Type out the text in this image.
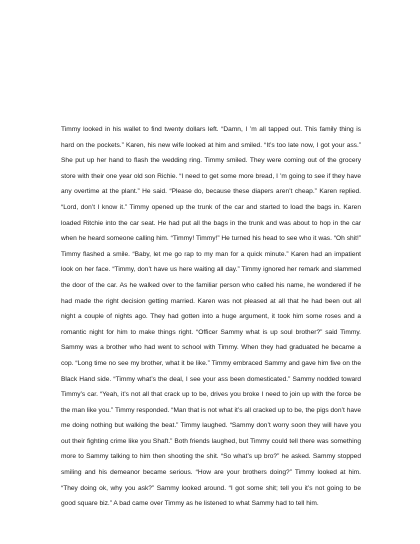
Timmy looked in his wallet to find twenty dollars left. “Damn, I ’m all tapped out. This family thing is hard on the pockets.” Karen, his new wife looked at him and smiled. “It’s too late now, I got your ass.” She put up her hand to flash the wedding ring. Timmy smiled. They were coming out of the grocery store with their one year old son Richie. “I need to get some more bread, I ’m going to see if they have any overtime at the plant.” He said. “Please do, because these diapers aren’t cheap.” Karen replied. “Lord, don’t I know it.” Timmy opened up the trunk of the car and started to load the bags in. Karen loaded Ritchie into the car seat. He had put all the bags in the trunk and was about to hop in the car when he heard someone calling him. “Timmy! Timmy!” He turned his head to see who it was. “Oh shit!” Timmy flashed a smile. “Baby, let me go rap to my man for a quick minute.” Karen had an impatient look on her face. “Timmy, don’t have us here waiting all day.” Timmy ignored her remark and slammed the door of the car. As he walked over to the familiar person who called his name, he wondered if he had made the right decision getting married. Karen was not pleased at all that he had been out all night a couple of nights ago. They had gotten into a huge argument, it took him some roses and a romantic night for him to make things right. “Officer Sammy what is up soul brother?” said Timmy. Sammy was a brother who had went to school with Timmy. When they had graduated he became a cop. “Long time no see my brother, what it be like.” Timmy embraced Sammy and gave him five on the Black Hand side. “Timmy what’s the deal, I see your ass been domesticated.” Sammy nodded toward Timmy’s car. “Yeah, it’s not all that crack up to be, drives you broke I need to join up with the force be the man like you.” Timmy responded. “Man that is not what it’s all cracked up to be, the pigs don’t have me doing nothing but walking the beat.” Timmy laughed. “Sammy don’t worry soon they will have you out their fighting crime like you Shaft.” Both friends laughed, but Timmy could tell there was something more to Sammy talking to him then shooting the shit. “So what’s up bro?” he asked. Sammy stopped smiling and his demeanor became serious. “How are your brothers doing?” Timmy looked at him. “They doing ok, why you ask?” Sammy looked around. “I got some shit; tell you it’s not going to be good square biz.” A bad came over Timmy as he listened to what Sammy had to tell him.
